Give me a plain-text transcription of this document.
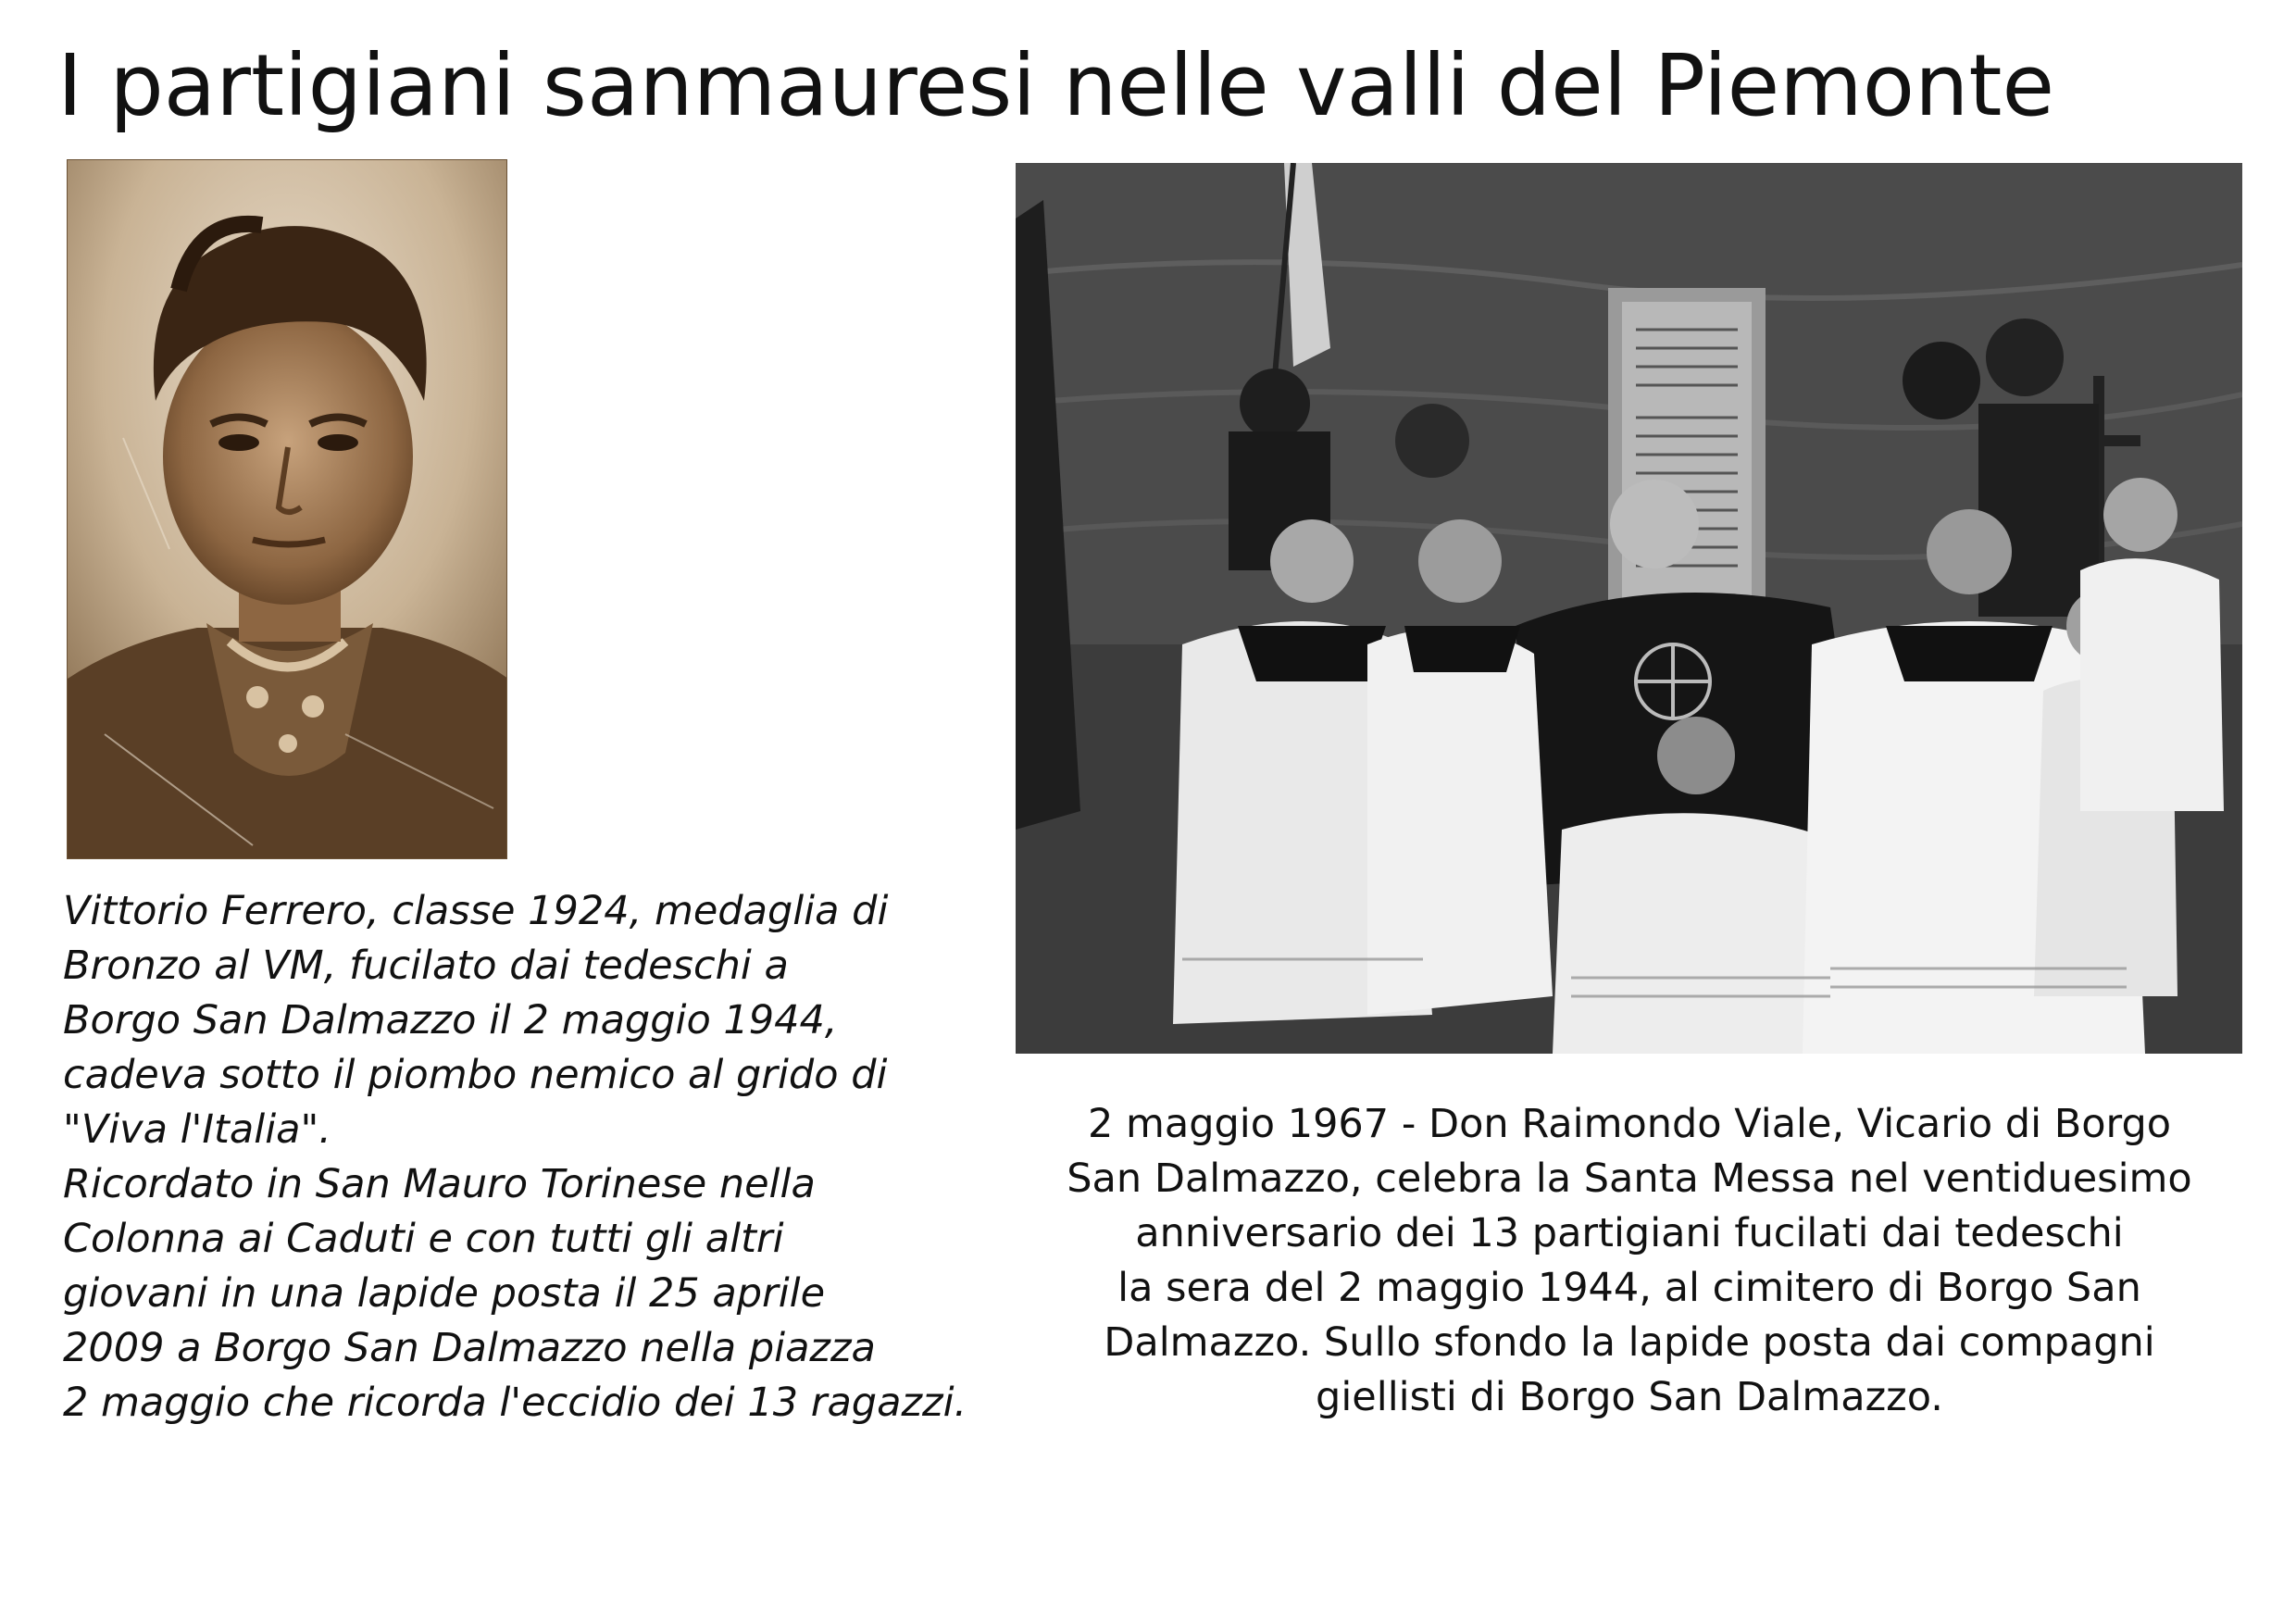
I partigiani sanmauresi nelle valli del Piemonte
Vittorio Ferrero, classe 1924, medaglia di
Bronzo al VM, fucilato dai tedeschi a
Borgo San Dalmazzo il 2 maggio 1944,
cadeva sotto il piombo nemico al grido di
"Viva l'Italia".
Ricordato in San Mauro Torinese nella
Colonna ai Caduti e con tutti gli altri
giovani in una lapide posta il 25 aprile
2009 a Borgo San Dalmazzo nella piazza
2 maggio che ricorda l'eccidio dei 13 ragazzi.
2 maggio 1967 - Don Raimondo Viale, Vicario di Borgo
San Dalmazzo, celebra la Santa Messa nel ventiduesimo
anniversario dei 13 partigiani fucilati dai tedeschi
la sera del 2 maggio 1944, al cimitero di Borgo San
Dalmazzo. Sullo sfondo la lapide posta dai compagni
giellisti di Borgo San Dalmazzo.
